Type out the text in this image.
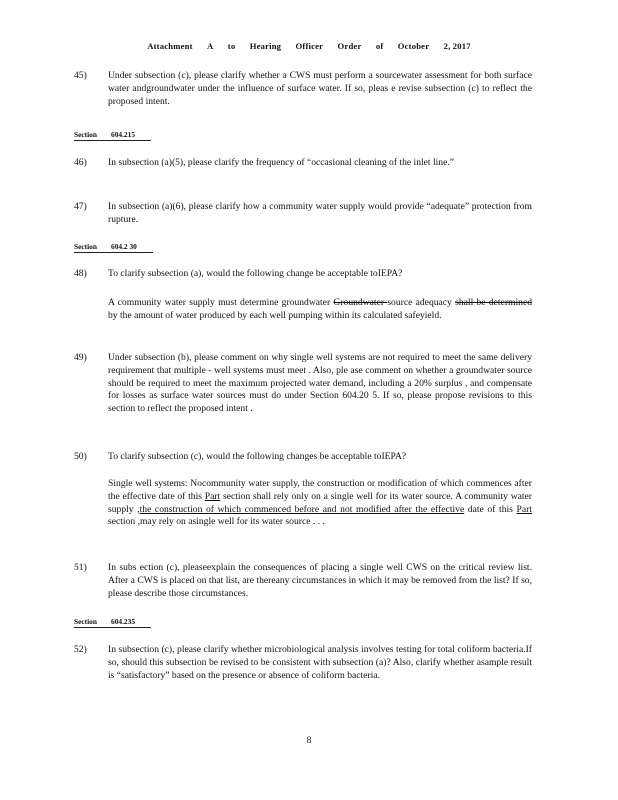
Attachment A to Hearing Officer Order of October 2, 2017
45) Under subsection (c), please clarify whether a CWS must perform a sourcewater assessment for both surface water andgroundwater under the influence of surface water. If so, pleas e revise subsection (c) to reflect the proposed intent.
Section 604.215
46) In subsection (a)(5), please clarify the frequency of “occasional cleaning of the inlet line.”
47) In subsection (a)(6), please clarify how a community water supply would provide “adequate” protection from rupture.
Section 604.2 30
48) To clarify subsection (a), would the following change be acceptable toIEPA?
A community water supply must determine groundwater Groundwater source adequacy shall be determined by the amount of water produced by each well pumping within its calculated safeyield.
49) Under subsection (b), please comment on why single well systems are not required to meet the same delivery requirement that multiple - well systems must meet . Also, ple ase comment on whether a groundwater source should be required to meet the maximum projected water demand, including a 20% surplus , and compensate for losses as surface water sources must do under Section 604.20 5. If so, please propose revisions to this section to reflect the proposed intent .
50) To clarify subsection (c), would the following changes be acceptable toIEPA?
Single well systems: Nocommunity water supply, the construction or modification of which commences after the effective date of this Part section shall rely only on a single well for its water source. A community water supply ,the construction of which commenced before and not modified after the effective date of this Part section ,may rely on asingle well for its water source . . .
51) In subs ection (c), pleaseexplain the consequences of placing a single well CWS on the critical review list. After a CWS is placed on that list, are thereany circumstances in which it may be removed from the list? If so, please describe those circumstances.
Section 604.235
52) In subsection (c), please clarify whether microbiological analysis involves testing for total coliform bacteria.If so, should this subsection be revised to be consistent with subsection (a)? Also, clarify whether asample result is “satisfactory” based on the presence or absence of coliform bacteria.
8
